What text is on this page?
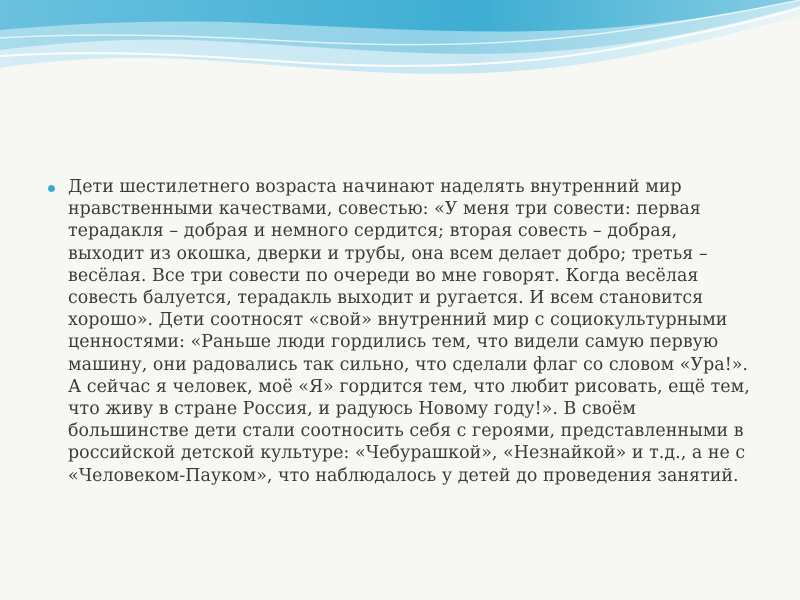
Дети шестилетнего возраста начинают наделять внутренний мир нравственными качествами, совестью: «У меня три совести: первая терадакля – добрая и немного сердится; вторая совесть – добрая, выходит из окошка, дверки и трубы, она всем делает добро; третья – весёлая. Все три совести по очереди во мне говорят. Когда весёлая совесть балуется, терадакль выходит и ругается. И всем становится хорошо». Дети соотносят «свой» внутренний мир с социокультурными ценностями: «Раньше люди гордились тем, что видели самую первую машину, они радовались так сильно, что сделали флаг со словом «Ура!». А сейчас я человек, моё «Я» гордится тем, что любит рисовать, ещё тем, что живу в стране Россия, и радуюсь Новому году!». В своём большинстве дети стали соотносить себя с героями, представленными в российской детской культуре: «Чебурашкой», «Незнайкой» и т.д., а не с «Человеком-Пауком», что наблюдалось у детей до проведения занятий.
